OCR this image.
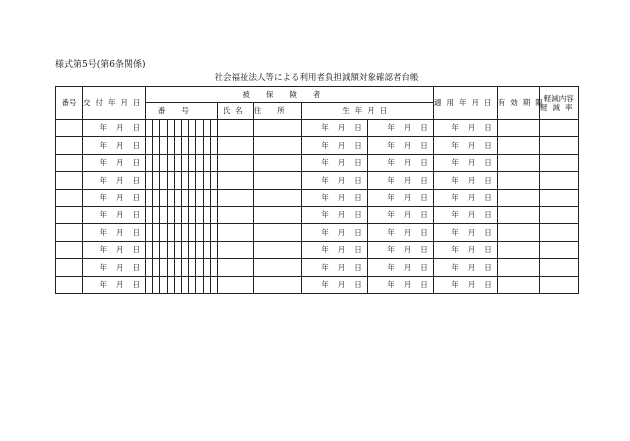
様式第5号(第6条関係)
社会福祉法人等による利用者負担減額対象確認者台帳
番号	交付年月日	被保険者														適用年月日	有効期限	軽減内容
軽減率

		番号										氏名	住所	生年月日					

	年 月 日													年 月 日	年 月 日	年 月 日			

	年 月 日													年 月 日	年 月 日	年 月 日			

	年 月 日													年 月 日	年 月 日	年 月 日			

	年 月 日													年 月 日	年 月 日	年 月 日			

	年 月 日													年 月 日	年 月 日	年 月 日			

	年 月 日													年 月 日	年 月 日	年 月 日			

	年 月 日													年 月 日	年 月 日	年 月 日			

	年 月 日													年 月 日	年 月 日	年 月 日			

	年 月 日													年 月 日	年 月 日	年 月 日			

	年 月 日													年 月 日	年 月 日	年 月 日			
